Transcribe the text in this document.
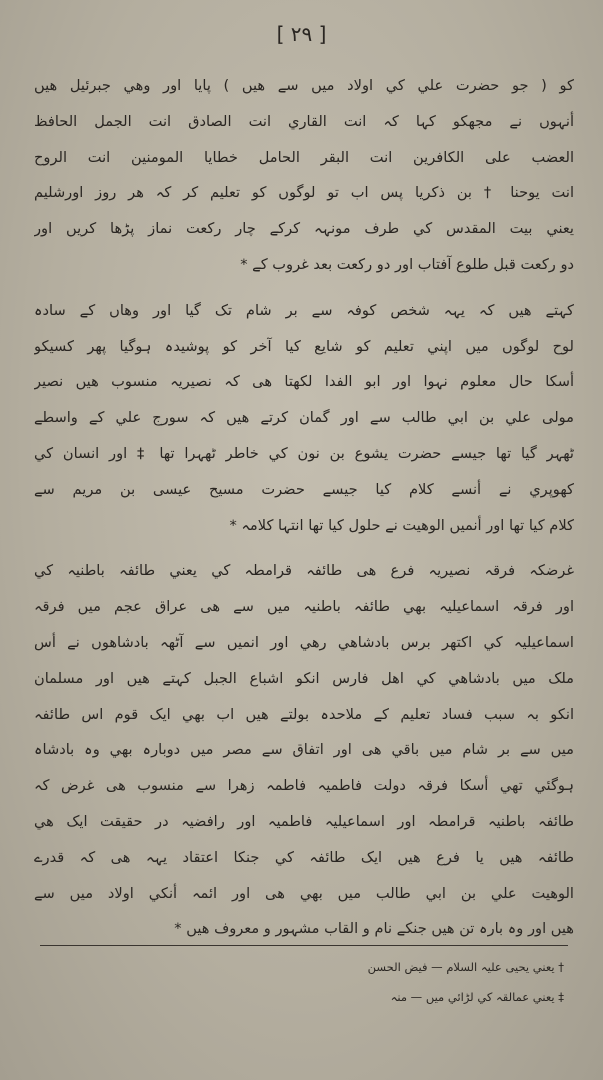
[ ۲۹ ]
کو ( جو حضرت علي کي اولاد میں سے ھیں ) پایا اور وهي جبرئیل ھیں
أنہوں نے مجھکو کہا کہ انت القاري انت الصادق انت الجمل الحافظ
العضب علی الکافرین انت البقر الحامل خطایا المومنین انت الروح
انت یوحنا † بن ذکریا پس اب تو لوگوں کو تعلیم کر کہ ھر روز اورشلیم
یعني بیت المقدس کي طرف مونہہ کرکے چار رکعت نماز پڑھا کریں اور
دو رکعت قبل طلوع آفتاب اور دو رکعت بعد غروب کے *
کہتے ھیں کہ یہہ شخص کوفہ سے بر شام تک گیا اور وھاں کے سادہ
لوح لوگوں میں اپني تعلیم کو شایع کیا آخر کو پوشیدہ ہوگیا پھر کسیکو
أسکا حال معلوم نہوا اور ابو الفدا لکھتا ھی کہ نصیریہ منسوب ھیں نصیر
مولی علي بن ابي طالب سے اور گمان کرتے ھیں کہ سورج علي کے واسطے
ٹھہر گیا تھا جیسے حضرت یشوع بن نون کي خاطر ٹھہرا تھا ‡ اور انسان کي
کھوپري نے أنسے کلام کیا جیسے حضرت مسیح عیسی بن مریم سے
کلام کیا تھا اور أنمیں الوهیت نے حلول کیا تھا انتہا کلامہ *
غرضکہ فرقہ نصیریہ فرع ھی طائفہ قرامطہ کي یعني طائفہ باطنیہ کي
اور فرقہ اسماعیلیہ بھي طائفہ باطنیہ میں سے ھی عراق عجم میں فرقہ
اسماعیلیہ کي اکتھر برس بادشاھي رھي اور انمیں سے آٹھہ بادشاھوں نے أس
ملک میں بادشاهي کي اھل فارس انکو اشباع الجبل کہتے ھیں اور مسلمان
انکو بہ سبب فساد تعلیم کے ملاحدہ بولتے ھیں اب بھي ایک قوم اس طائفہ
میں سے بر شام میں باقي ھی اور اتفاق سے مصر میں دوبارہ بھي وہ بادشاہ
ہوگئي تھي أسکا فرقہ دولت فاطمیہ فاطمہ زهرا سے منسوب ھی غرض کہ
طائفہ باطنیہ قرامطہ اور اسماعیلیہ فاطمیہ اور رافضیہ در حقیقت ایک ھي
طائفہ ھیں یا فرع ھیں ایک طائفہ کي جنکا اعتقاد یہہ ھی کہ قدرے
الوهیت علي بن ابي طالب میں بھي ھی اور ائمہ أنکي اولاد میں سے
ھیں اور وہ بارہ تن ھیں جنکے نام و القاب مشہور و معروف ھیں *
† یعني یحیی علیہ السلام — فیض الحسن
‡ یعني عمالقہ کي لڑائي میں — منہ
